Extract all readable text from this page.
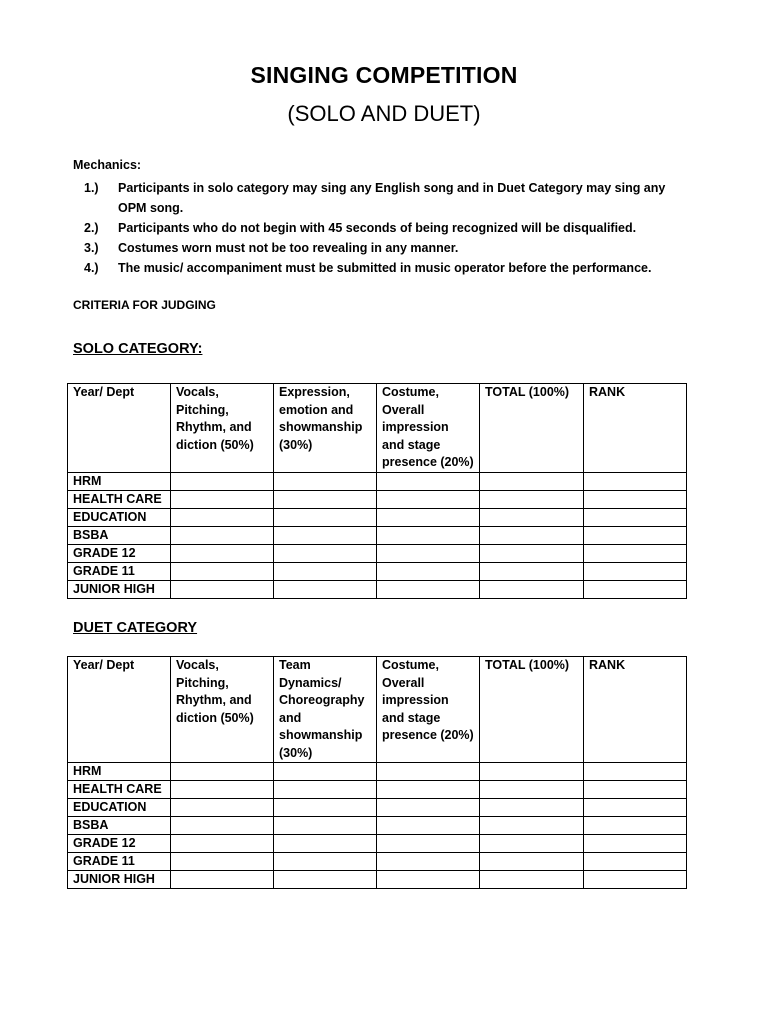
SINGING COMPETITION
(SOLO AND DUET)
Mechanics:
1.)	Participants in solo category may sing any English song and in Duet Category may sing any OPM song.
2.)	Participants who do not begin with 45 seconds of being recognized will be disqualified.
3.)	Costumes worn must not be too revealing in any manner.
4.)	The music/ accompaniment must be submitted in music operator before the performance.
CRITERIA FOR JUDGING
SOLO CATEGORY:
Year/ Dept	Vocals, Pitching, Rhythm, and diction (50%)	Expression, emotion and showmanship (30%)	Costume, Overall impression and stage presence (20%)	TOTAL (100%)	RANK
HRM					
HEALTH CARE					
EDUCATION					
BSBA					
GRADE 12					
GRADE 11					
JUNIOR HIGH					
DUET CATEGORY
Year/ Dept	Vocals, Pitching, Rhythm, and diction (50%)	Team Dynamics/ Choreography and showmanship (30%)	Costume, Overall impression and stage presence (20%)	TOTAL (100%)	RANK
HRM					
HEALTH CARE					
EDUCATION					
BSBA					
GRADE 12					
GRADE 11					
JUNIOR HIGH					
